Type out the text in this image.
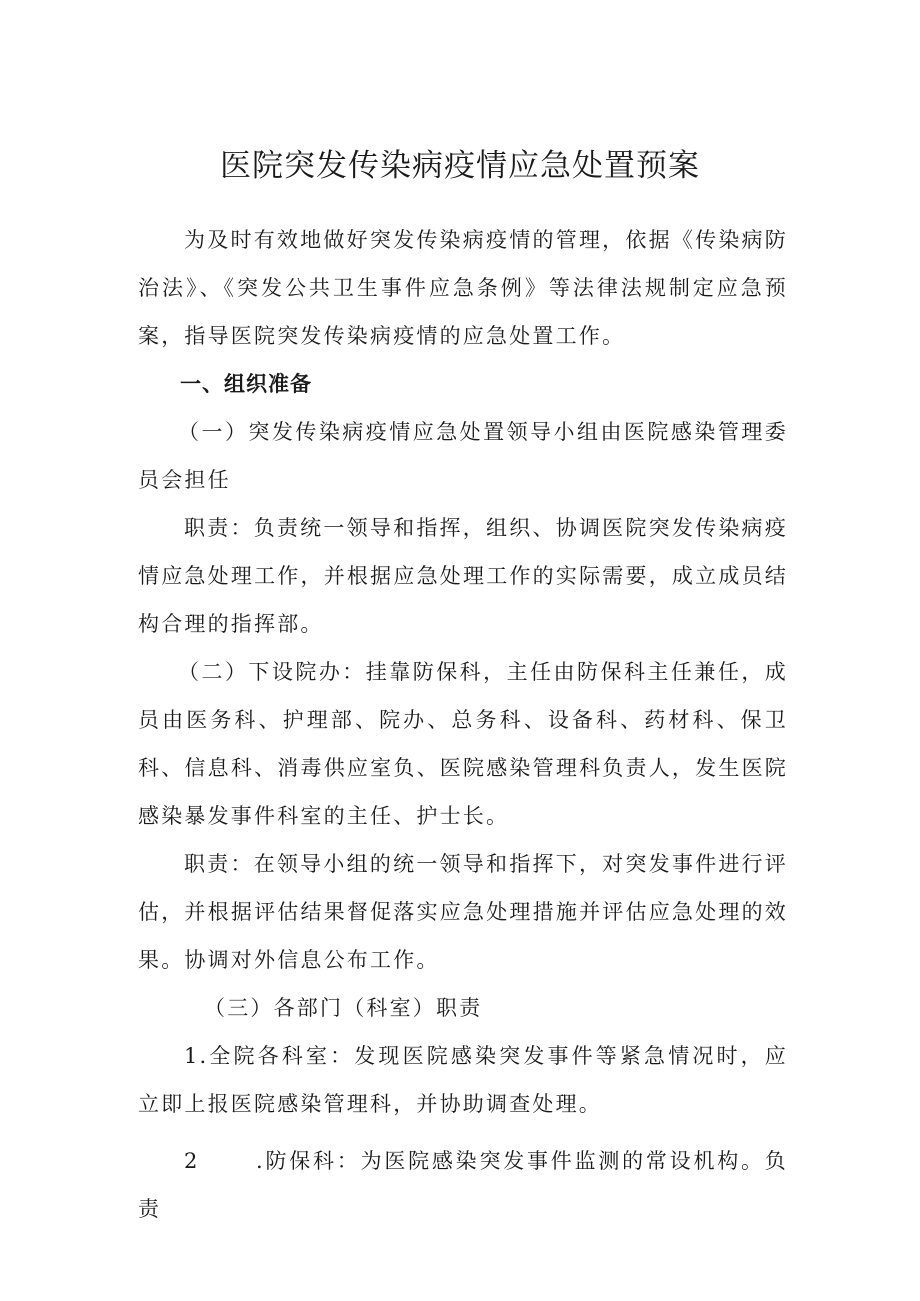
医院突发传染病疫情应急处置预案

为及时有效地做好突发传染病疫情的管理，依据《传染病防治法》、《突发公共卫生事件应急条例》等法律法规制定应急预案，指导医院突发传染病疫情的应急处置工作。

一、组织准备

（一）突发传染病疫情应急处置领导小组由医院感染管理委员会担任

职责：负责统一领导和指挥，组织、协调医院突发传染病疫情应急处理工作，并根据应急处理工作的实际需要，成立成员结构合理的指挥部。

（二）下设院办：挂靠防保科，主任由防保科主任兼任，成员由医务科、护理部、院办、总务科、设备科、药材科、保卫科、信息科、消毒供应室负、医院感染管理科负责人，发生医院感染暴发事件科室的主任、护士长。

职责：在领导小组的统一领导和指挥下，对突发事件进行评估，并根据评估结果督促落实应急处理措施并评估应急处理的效果。协调对外信息公布工作。

（三）各部门（科室）职责

1.全院各科室：发现医院感染突发事件等紧急情况时，应立即上报医院感染管理科，并协助调查处理。

2	.防保科：为医院感染突发事件监测的常设机构。负责
